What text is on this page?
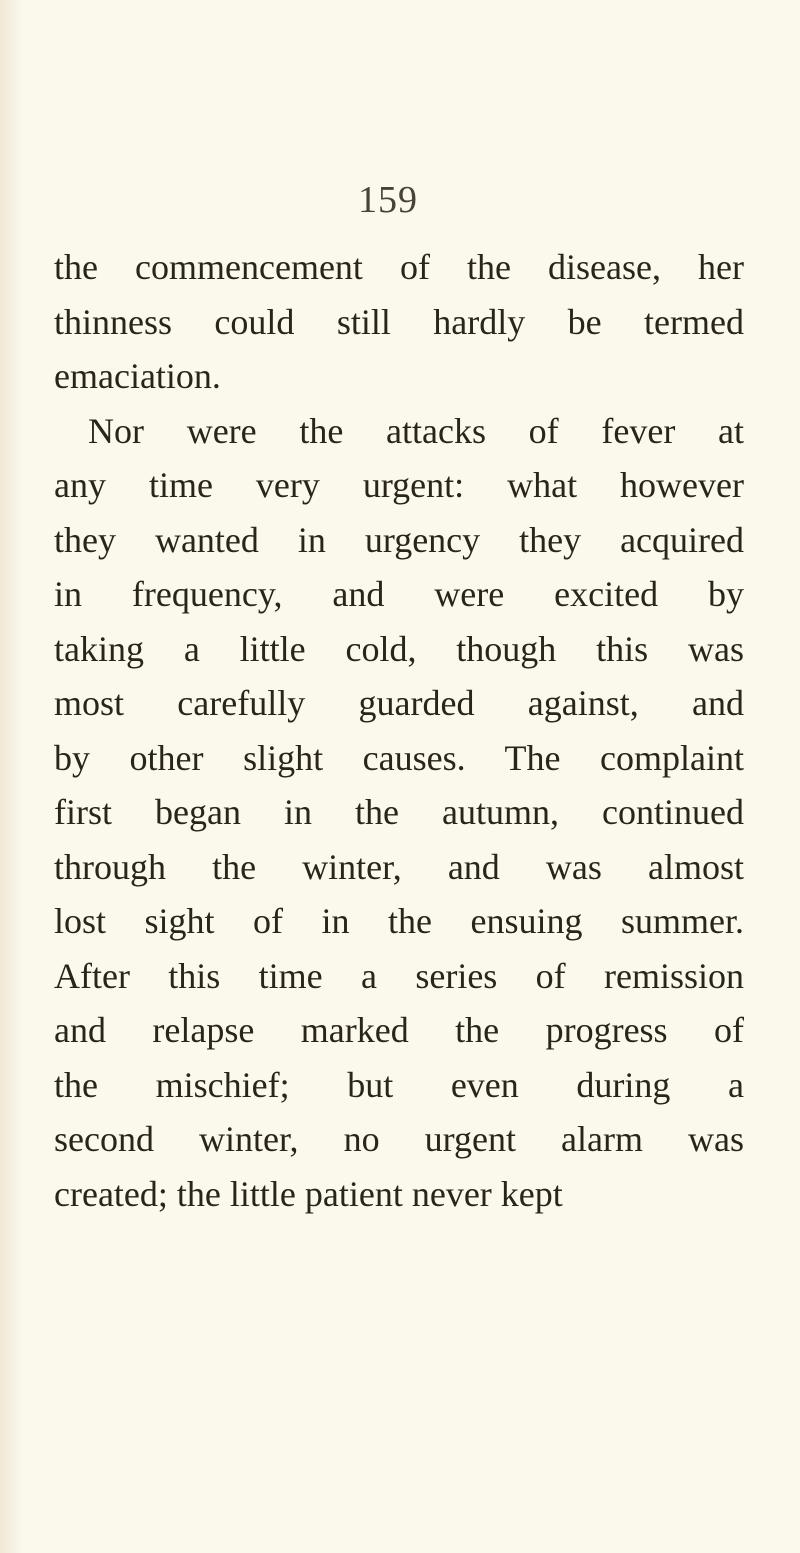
159
the commencement of the disease, her
thinness could still hardly be termed
emaciation.
Nor were the attacks of fever at
any time very urgent: what however
they wanted in urgency they acquired
in frequency, and were excited by
taking a little cold, though this was
most carefully guarded against, and
by other slight causes. The complaint
first began in the autumn, continued
through the winter, and was almost
lost sight of in the ensuing summer.
After this time a series of remission
and relapse marked the progress of
the mischief; but even during a
second winter, no urgent alarm was
created; the little patient never kept
